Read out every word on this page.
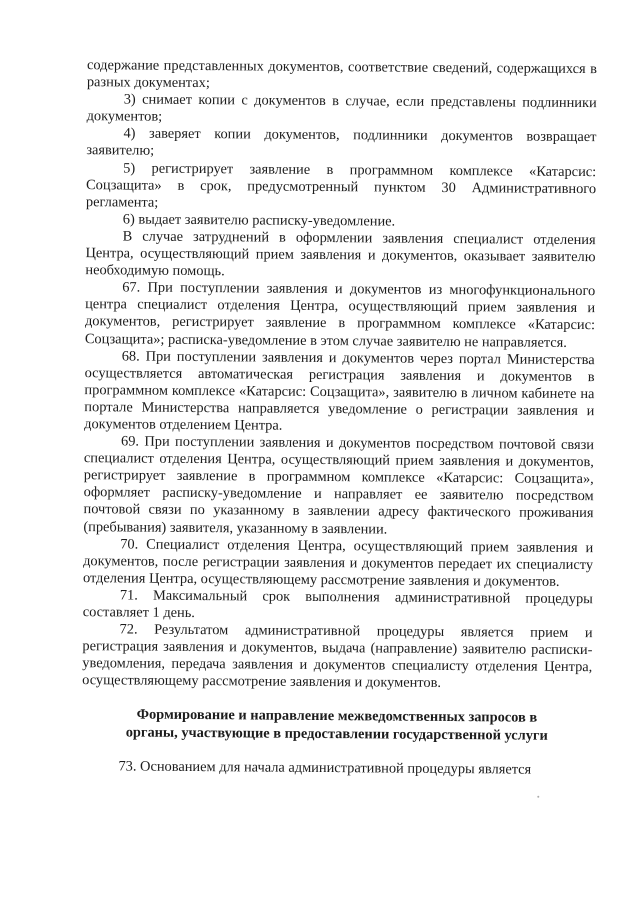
содержание представленных документов, соответствие сведений, содержащихся в разных документах;

3) снимает копии с документов в случае, если представлены подлинники документов;

4) заверяет копии документов, подлинники документов возвращает заявителю;

5) регистрирует заявление в программном комплексе «Катарсис: Соцзащита» в срок, предусмотренный пунктом 30 Административного регламента;

6) выдает заявителю расписку-уведомление.

В случае затруднений в оформлении заявления специалист отделения Центра, осуществляющий прием заявления и документов, оказывает заявителю необходимую помощь.

67. При поступлении заявления и документов из многофункционального центра специалист отделения Центра, осуществляющий прием заявления и документов, регистрирует заявление в программном комплексе «Катарсис: Соцзащита»; расписка-уведомление в этом случае заявителю не направляется.

68. При поступлении заявления и документов через портал Министерства осуществляется автоматическая регистрация заявления и документов в программном комплексе «Катарсис: Соцзащита», заявителю в личном кабинете на портале Министерства направляется уведомление о регистрации заявления и документов отделением Центра.

69. При поступлении заявления и документов посредством почтовой связи специалист отделения Центра, осуществляющий прием заявления и документов, регистрирует заявление в программном комплексе «Катарсис: Соцзащита», оформляет расписку-уведомление и направляет ее заявителю посредством почтовой связи по указанному в заявлении адресу фактического проживания (пребывания) заявителя, указанному в заявлении.

70. Специалист отделения Центра, осуществляющий прием заявления и документов, после регистрации заявления и документов передает их специалисту отделения Центра, осуществляющему рассмотрение заявления и документов.

71. Максимальный срок выполнения административной процедуры составляет 1 день.

72. Результатом административной процедуры является прием и регистрация заявления и документов, выдача (направление) заявителю расписки-уведомления, передача заявления и документов специалисту отделения Центра, осуществляющему рассмотрение заявления и документов.

Формирование и направление межведомственных запросов в
органы, участвующие в предоставлении государственной услуги

73. Основанием для начала административной процедуры является
